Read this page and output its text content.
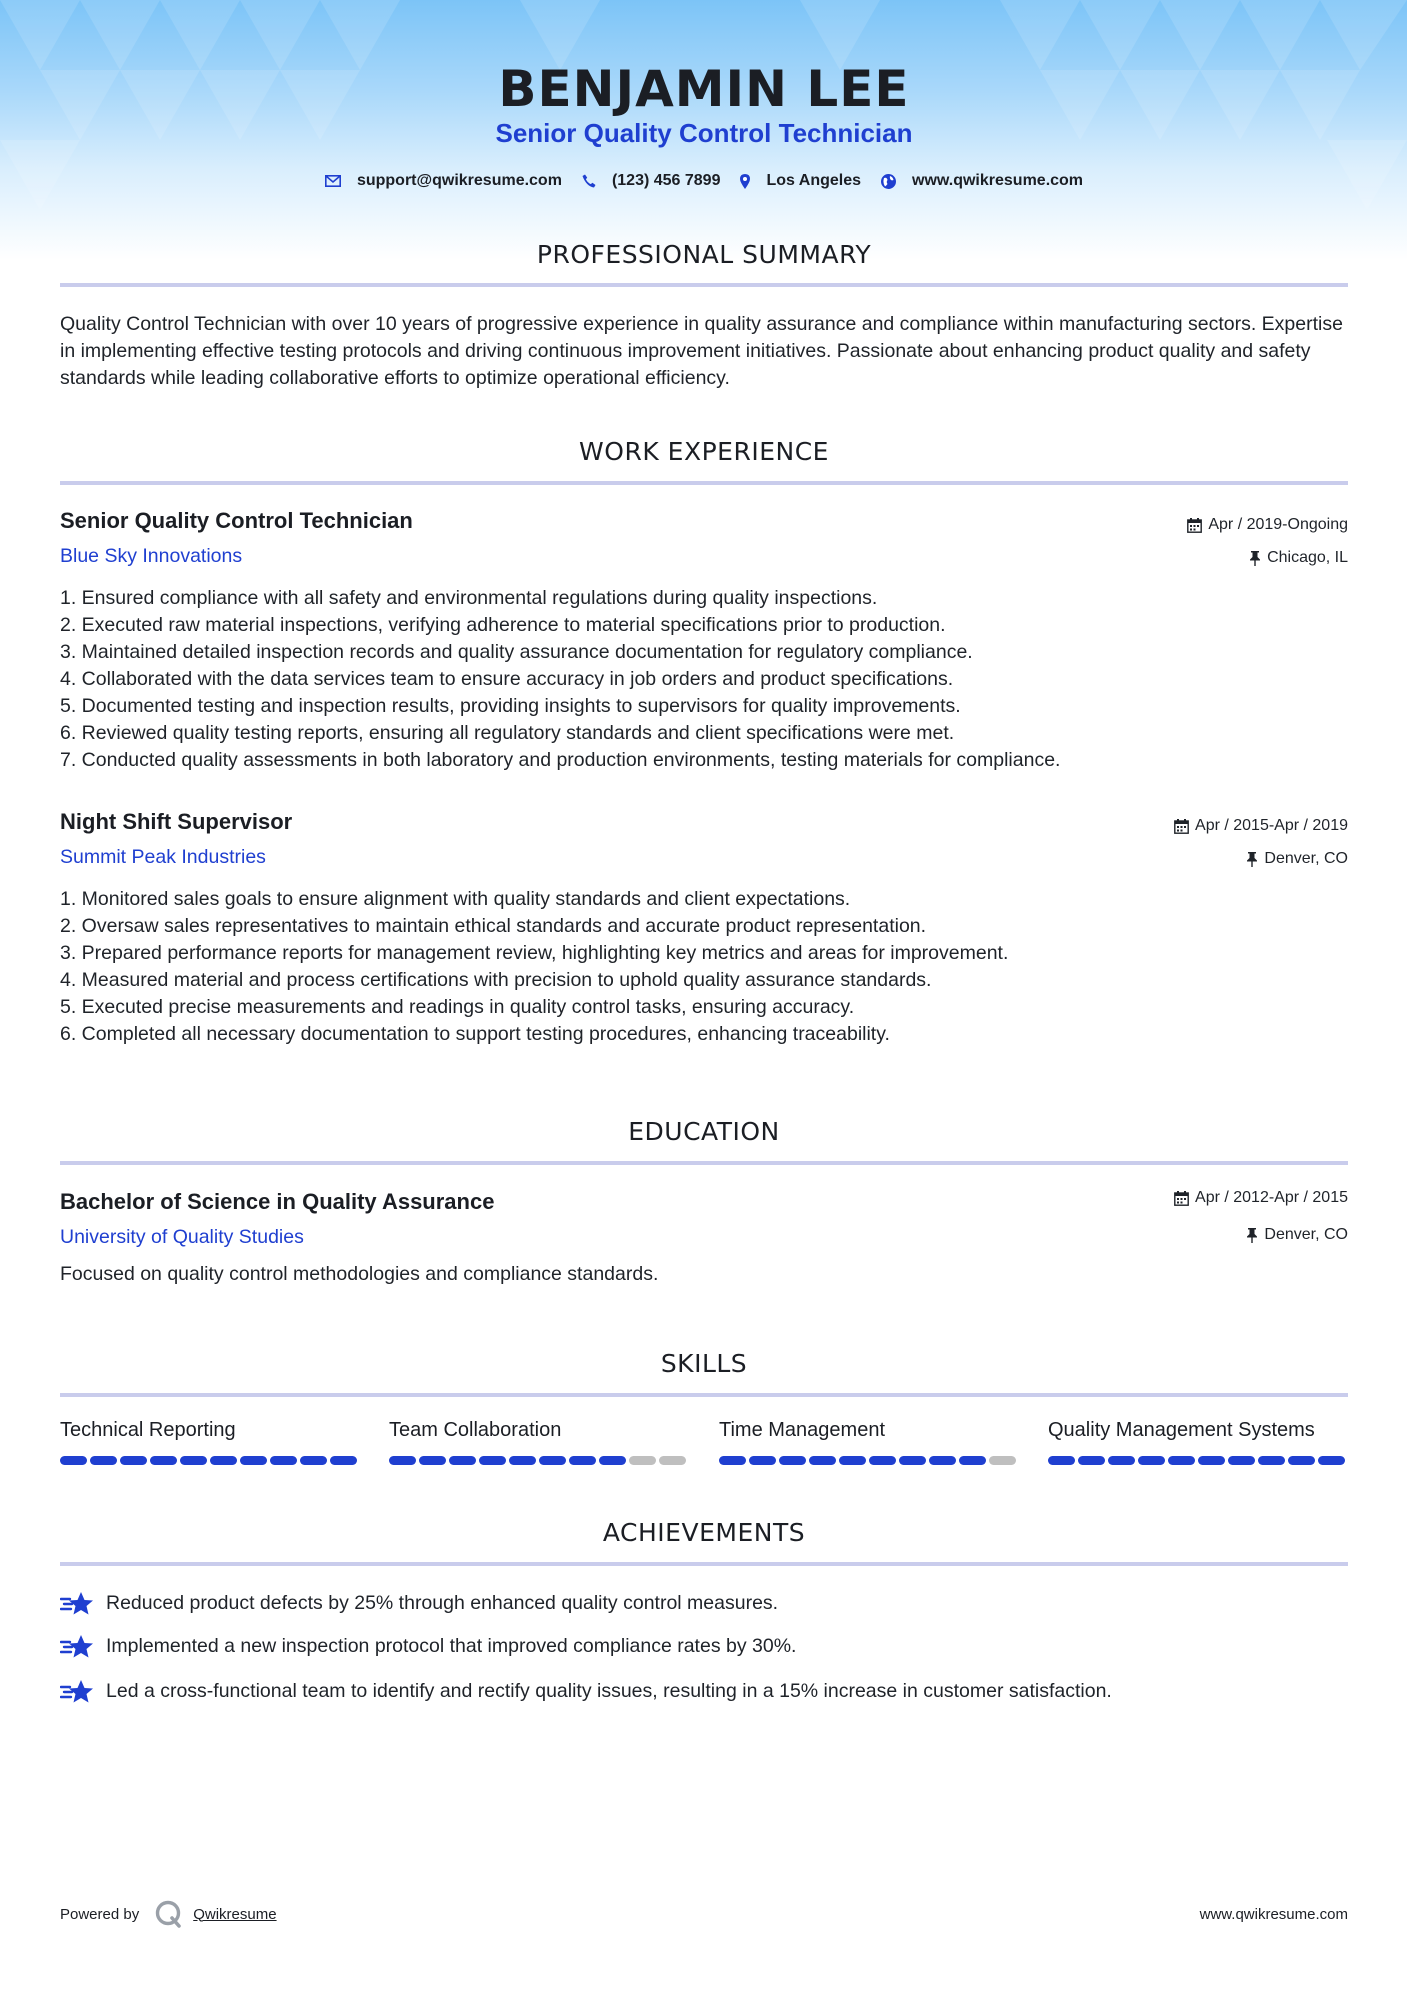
BENJAMIN LEE
Senior Quality Control Technician
support@qwikresume.com	(123) 456 7899	Los Angeles	www.qwikresume.com
PROFESSIONAL SUMMARY

Quality Control Technician with over 10 years of progressive experience in quality assurance and compliance within manufacturing sectors. Expertise in implementing effective testing protocols and driving continuous improvement initiatives. Passionate about enhancing product quality and safety standards while leading collaborative efforts to optimize operational efficiency.

WORK EXPERIENCE
Senior Quality Control Technician
Blue Sky Innovations
Apr / 2019-Ongoing
Chicago, IL
1. Ensured compliance with all safety and environmental regulations during quality inspections.
2. Executed raw material inspections, verifying adherence to material specifications prior to production.
3. Maintained detailed inspection records and quality assurance documentation for regulatory compliance.
4. Collaborated with the data services team to ensure accuracy in job orders and product specifications.
5. Documented testing and inspection results, providing insights to supervisors for quality improvements.
6. Reviewed quality testing reports, ensuring all regulatory standards and client specifications were met.
7. Conducted quality assessments in both laboratory and production environments, testing materials for compliance.
Night Shift Supervisor
Summit Peak Industries
Apr / 2015-Apr / 2019
Denver, CO
1. Monitored sales goals to ensure alignment with quality standards and client expectations.
2. Oversaw sales representatives to maintain ethical standards and accurate product representation.
3. Prepared performance reports for management review, highlighting key metrics and areas for improvement.
4. Measured material and process certifications with precision to uphold quality assurance standards.
5. Executed precise measurements and readings in quality control tasks, ensuring accuracy.
6. Completed all necessary documentation to support testing procedures, enhancing traceability.
EDUCATION
Bachelor of Science in Quality Assurance
University of Quality Studies
Apr / 2012-Apr / 2015
Denver, CO

Focused on quality control methodologies and compliance standards.

SKILLS
Technical Reporting	Team Collaboration	Time Management	Quality Management Systems
ACHIEVEMENTS
Reduced product defects by 25% through enhanced quality control measures.
Implemented a new inspection protocol that improved compliance rates by 30%.
Led a cross-functional team to identify and rectify quality issues, resulting in a 15% increase in customer satisfaction.
Powered by	Qwikresume	www.qwikresume.com
